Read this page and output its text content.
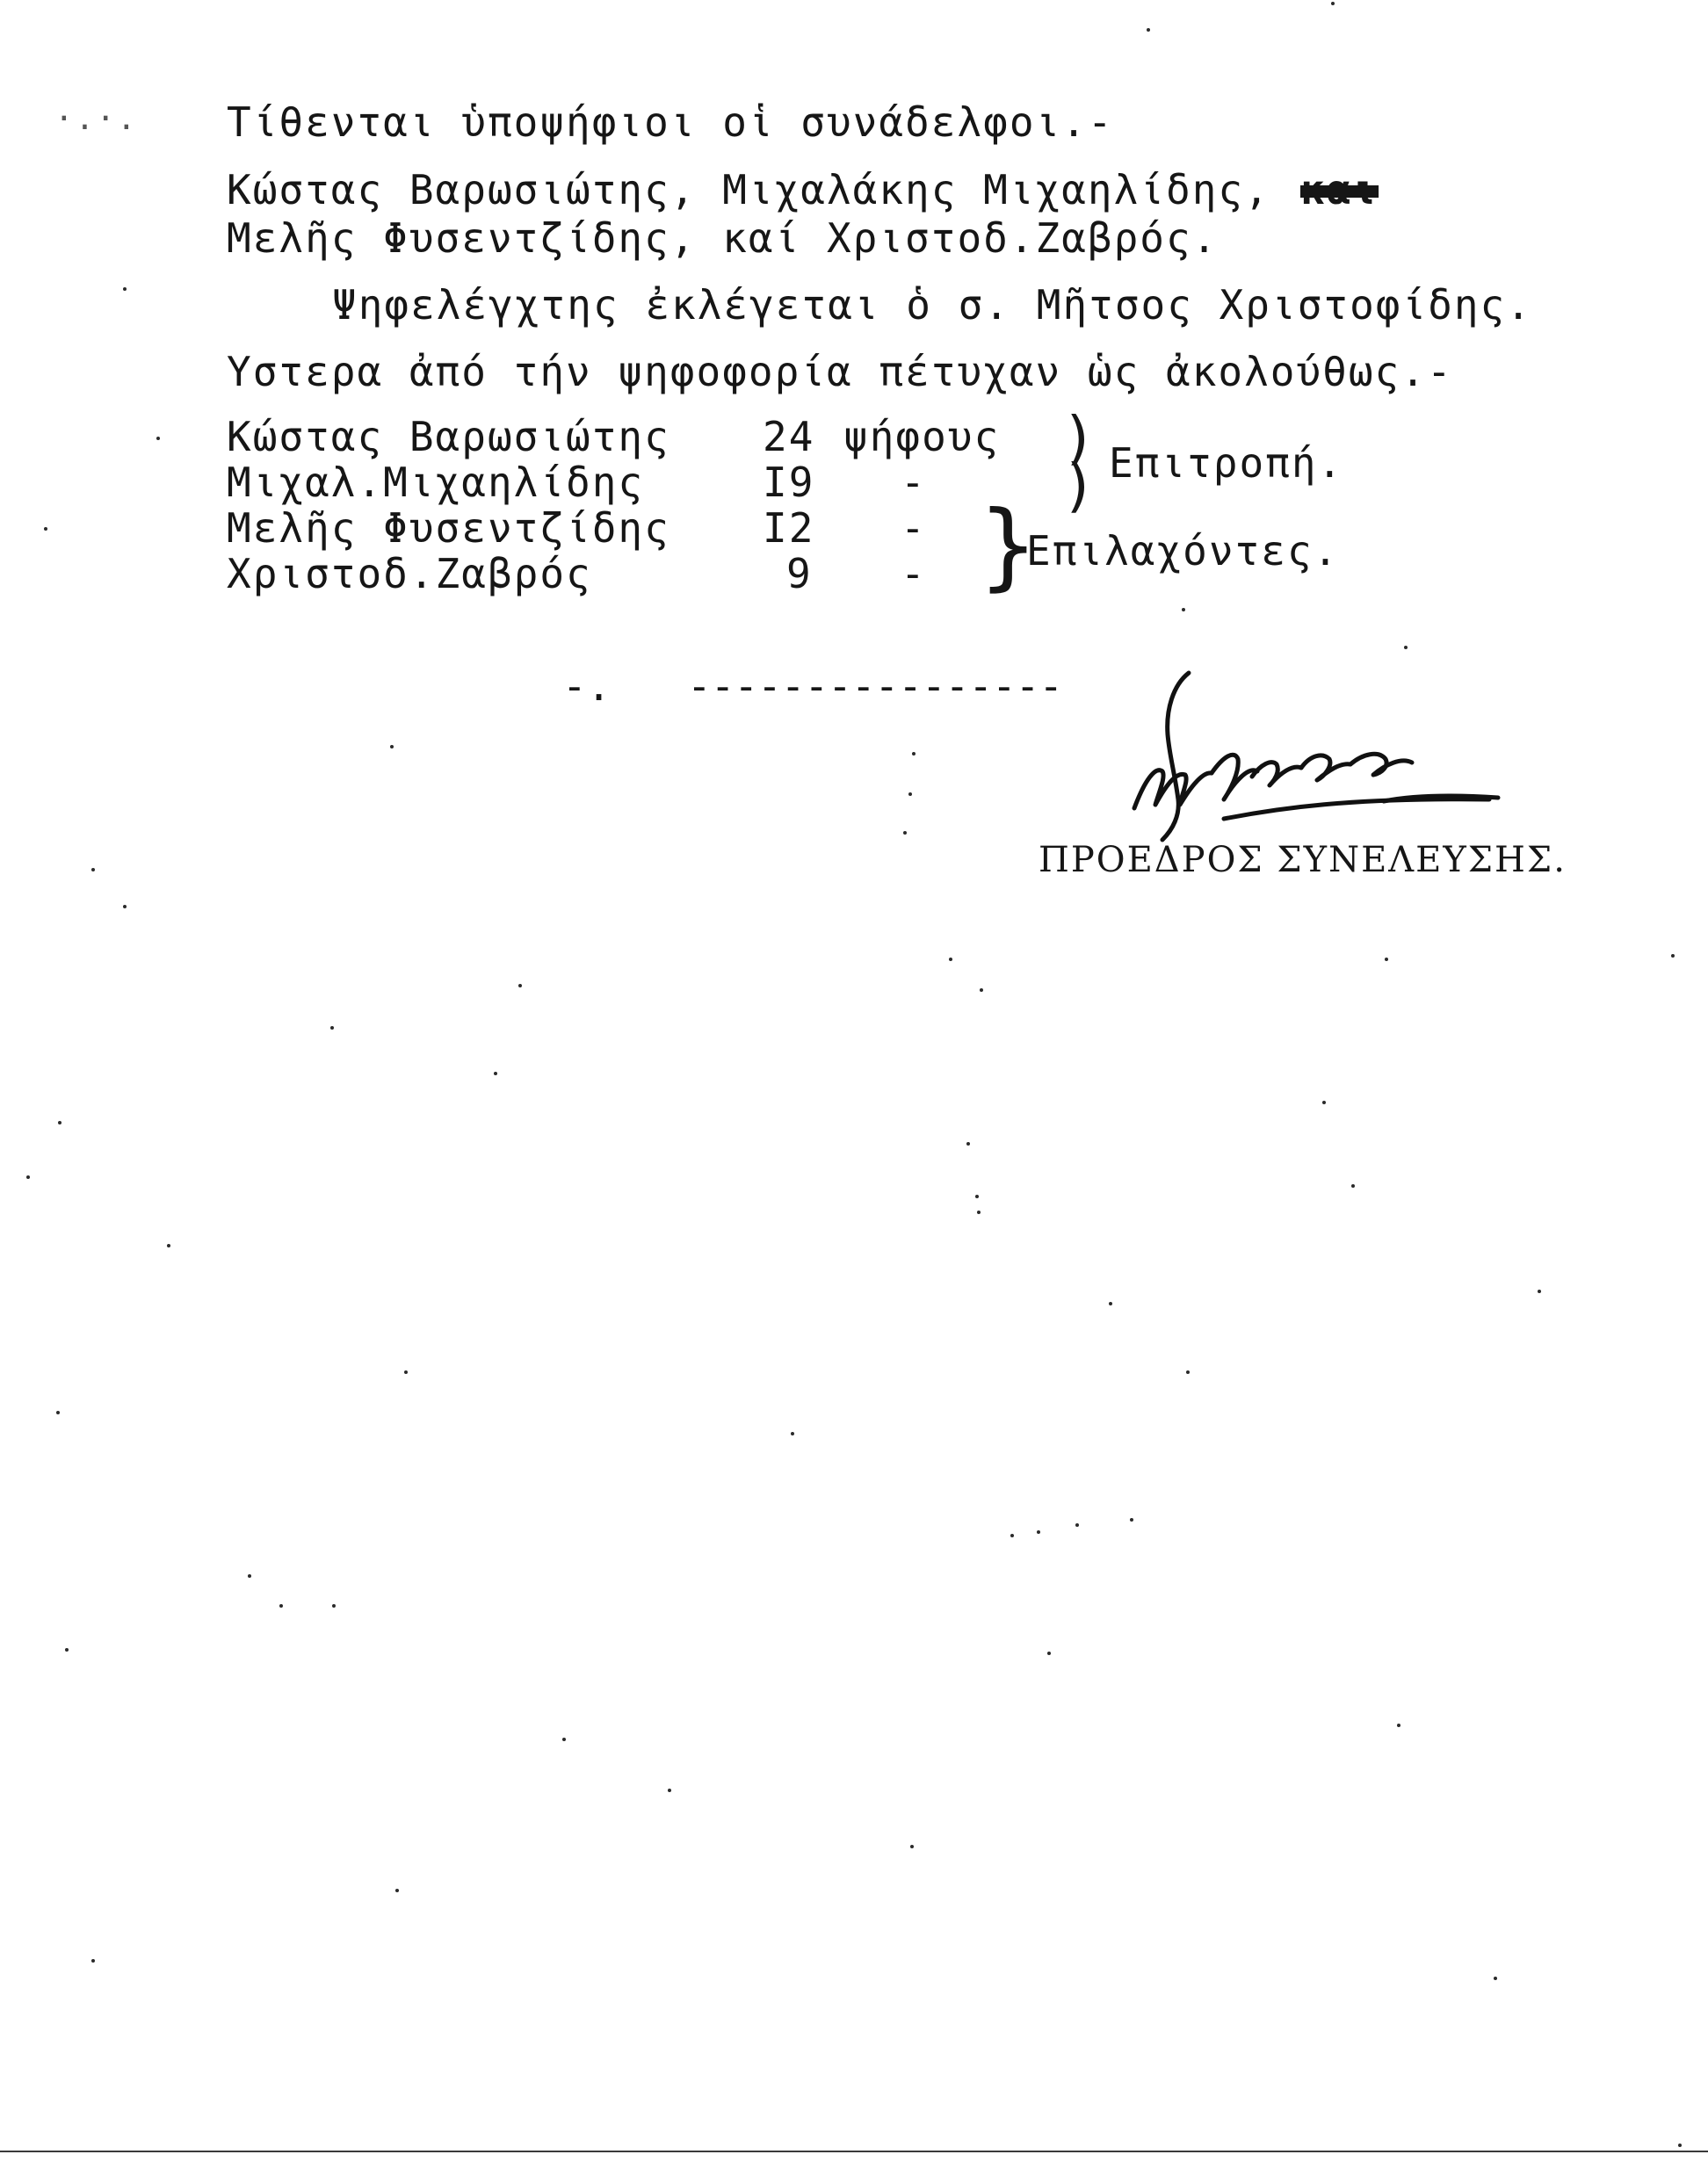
·.·. Τίθενται ὑποψήφιοι οἱ συνάδελφοι.-
Κώστας Βαρωσιώτης, Μιχαλάκης Μιχαηλίδης, και
Μελῆς Φυσεντζίδης, καί Χριστοδ.Ζαβρός.
Ψηφελέγχτης ἐκλέγεται ὁ σ. Μῆτσος Χριστοφίδης.
Υστερα ἀπό τήν ψηφοφορία πέτυχαν ὡς ἀκολούθως.-
Κώστας Βαρωσιώτης 24 ψήφους
Μιχαλ.Μιχαηλίδης	I9 -
Μελῆς Φυσεντζίδης I2 -
Χριστοδ.Ζαβρός	9 -
)
) Επιτροπή.
}
Επιλαχόντες.
-. ----------------
ΠΡΟΕΔΡΟΣ ΣΥΝΕΛΕΥΣΗΣ.
